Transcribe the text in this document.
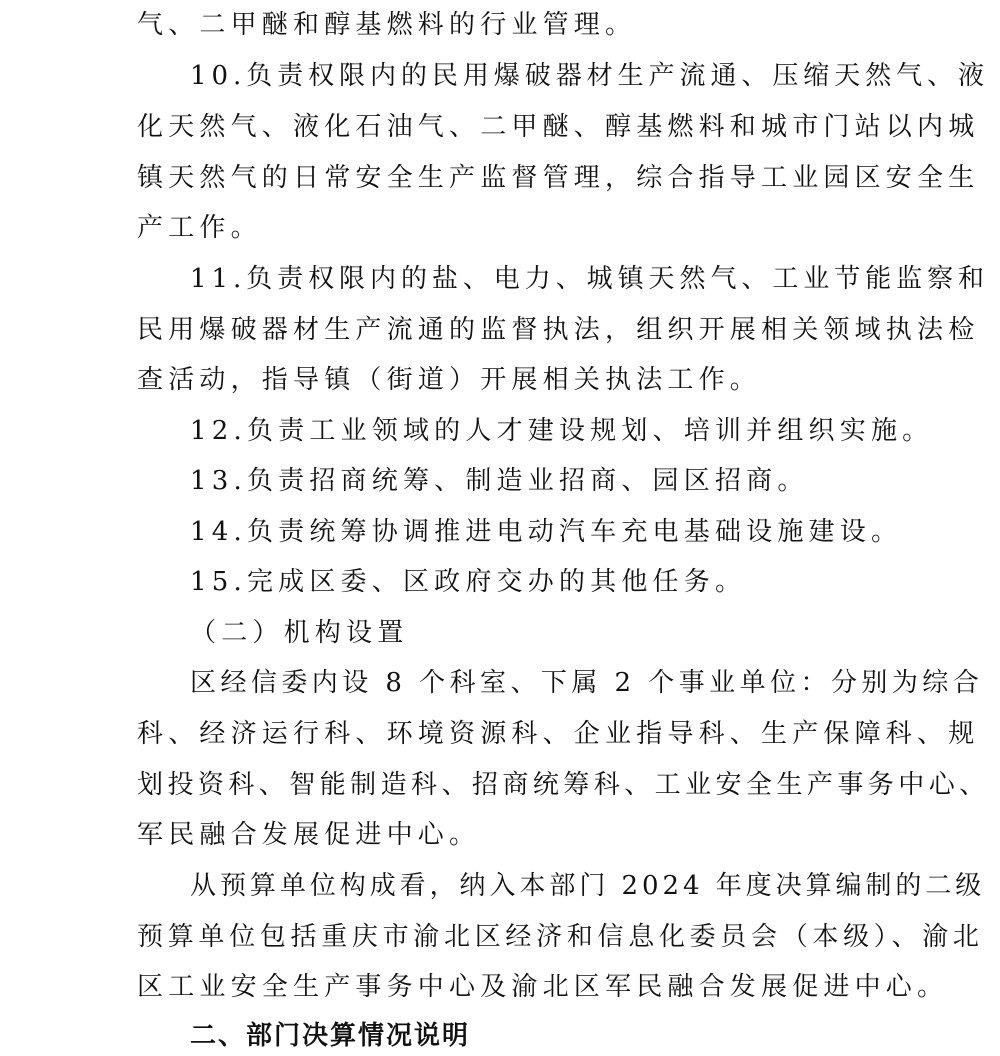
气、二甲醚和醇基燃料的行业管理。
10.负责权限内的民用爆破器材生产流通、压缩天然气、液
化天然气、液化石油气、二甲醚、醇基燃料和城市门站以内城
镇天然气的日常安全生产监督管理，综合指导工业园区安全生
产工作。
11.负责权限内的盐、电力、城镇天然气、工业节能监察和
民用爆破器材生产流通的监督执法，组织开展相关领域执法检
查活动，指导镇（街道）开展相关执法工作。
12.负责工业领域的人才建设规划、培训并组织实施。
13.负责招商统筹、制造业招商、园区招商。
14.负责统筹协调推进电动汽车充电基础设施建设。
15.完成区委、区政府交办的其他任务。
（二）机构设置
区经信委内设 8 个科室、下属 2 个事业单位：分别为综合
科、经济运行科、环境资源科、企业指导科、生产保障科、规
划投资科、智能制造科、招商统筹科、工业安全生产事务中心、
军民融合发展促进中心。
从预算单位构成看，纳入本部门 2024 年度决算编制的二级
预算单位包括重庆市渝北区经济和信息化委员会（本级）、渝北
区工业安全生产事务中心及渝北区军民融合发展促进中心。
二、部门决算情况说明
